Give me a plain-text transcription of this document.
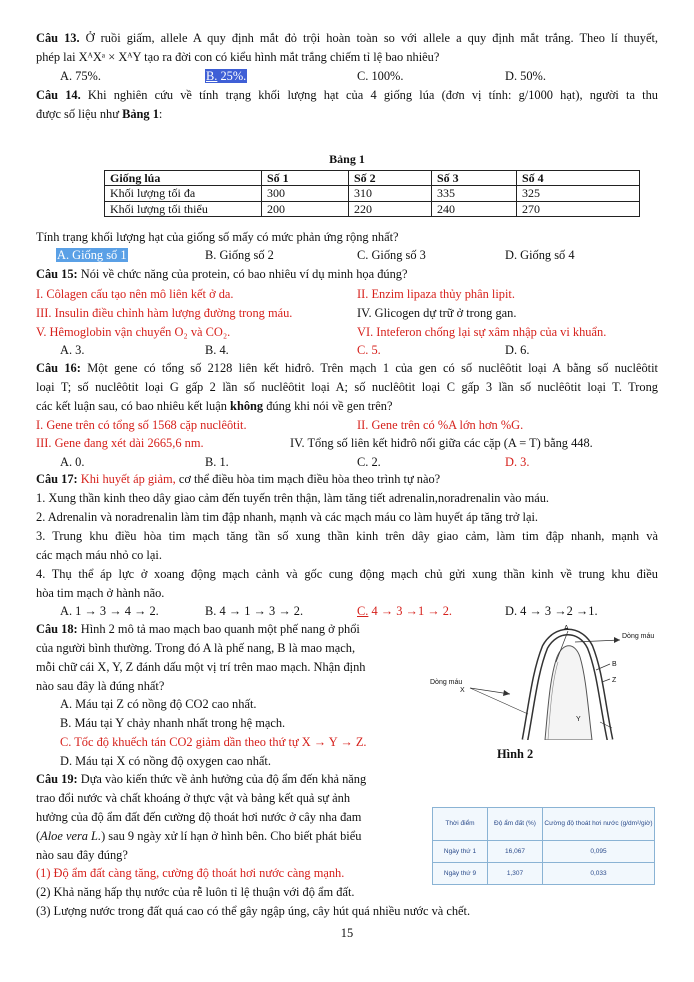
Câu 13. Ở ruồi giấm, allele A quy định mắt đỏ trội hoàn toàn so với allele a quy định mắt trắng. Theo lí thuyết,
phép lai XᴬXᵃ × XᴬY tạo ra đời con có kiểu hình mắt trắng chiếm tỉ lệ bao nhiêu?
A. 75%.	B. 25%.	C. 100%.	D. 50%.
Câu 14. Khi nghiên cứu về tính trạng khối lượng hạt của 4 giống lúa (đơn vị tính: g/1000 hạt), người ta thu
được số liệu như Bảng 1:
Bảng 1
Giống lúa	Số 1	Số 2	Số 3	Số 4
Khối lượng tối đa	300	310	335	325
Khối lượng tối thiểu	200	220	240	270
Tính trạng khối lượng hạt của giống số mấy có mức phản ứng rộng nhất?
A. Giống số 1	B. Giống số 2	C. Giống số 3	D. Giống số 4
Câu 15: Nói về chức năng của protein, có bao nhiêu ví dụ minh họa đúng?
I. Côlagen cấu tạo nên mô liên kết ở da.	II. Enzim lipaza thủy phân lipit.
III. Insulin điều chỉnh hàm lượng đường trong máu.	IV. Glicogen dự trữ ở trong gan.
V. Hêmoglobin vận chuyển O₂ và CO₂.	VI. Inteferon chống lại sự xâm nhập của vi khuẩn.
A. 3.	B. 4.	C. 5.	D. 6.
Câu 16: Một gene có tổng số 2128 liên kết hiđrô. Trên mạch 1 của gen có số nuclêôtit loại A bằng số nuclêôtit
loại T; số nuclêôtit loại G gấp 2 lần số nuclêôtit loại A; số nuclêôtit loại C gấp 3 lần số nuclêôtit loại T. Trong
các kết luận sau, có bao nhiêu kết luận không đúng khi nói về gen trên?
I. Gene trên có tổng số 1568 cặp nuclêôtit.	II. Gene trên có %A lớn hơn %G.
III. Gene đang xét dài 2665,6 nm.	IV. Tổng số liên kết hiđrô nối giữa các cặp (A = T) bằng 448.
A. 0.	B. 1.	C. 2.	D. 3.
Câu 17: Khi huyết áp giảm, cơ thể điều hòa tim mạch điều hòa theo trình tự nào?
1. Xung thần kinh theo dây giao cảm đến tuyến trên thận, làm tăng tiết adrenalin,noradrenalin vào máu.
2. Adrenalin và noradrenalin làm tim đập nhanh, mạnh và các mạch máu co làm huyết áp tăng trở lại.
3. Trung khu điều hòa tim mạch tăng tần số xung thần kinh trên dây giao cảm, làm tim đập nhanh, mạnh và
các mạch máu nhỏ co lại.
4. Thụ thể áp lực ở xoang động mạch cảnh và gốc cung động mạch chủ gửi xung thần kinh về trung khu điều
hòa tim mạch ở hành não.
A. 1 → 3 → 4 → 2.	B. 4 → 1 → 3 → 2.	C. 4 → 3 →1 → 2.	D. 4 → 3 →2 →1.
Câu 18: Hình 2 mô tả mao mạch bao quanh một phế nang ở phổi
của người bình thường. Trong đó A là phế nang, B là mao mạch,
mỗi chữ cái X, Y, Z đánh dấu một vị trí trên mao mạch. Nhận định
nào sau đây là đúng nhất?
A. Máu tại Z có nồng độ CO2 cao nhất.
B. Máu tại Y chảy nhanh nhất trong hệ mạch.
C. Tốc độ khuếch tán CO2 giảm dần theo thứ tự X → Y → Z.
D. Máu tại X có nồng độ oxygen cao nhất.
A
B
Z
X
Y
Dòng máu
Dòng máu
Hình 2
Câu 19: Dựa vào kiến thức về ảnh hưởng của độ ẩm đến khả năng
trao đổi nước và chất khoáng ở thực vật và bảng kết quả sự ảnh
hưởng của độ ẩm đất đến cường độ thoát hơi nước ở cây nha đam
(Aloe vera L.) sau 9 ngày xử lí hạn ở hình bên. Cho biết phát biểu
nào sau đây đúng?
(1) Độ ẩm đất càng tăng, cường độ thoát hơi nước càng mạnh.
(2) Khả năng hấp thụ nước của rễ luôn tỉ lệ thuận với độ ẩm đất.
(3) Lượng nước trong đất quá cao có thể gây ngập úng, cây hút quá nhiều nước và chết.
Thời điểm	Độ ẩm đất (%)	Cường độ thoát hơi nước (g/dm²/giờ)
Ngày thứ 1	16,067	0,095
Ngày thứ 9	1,307	0,033
15
